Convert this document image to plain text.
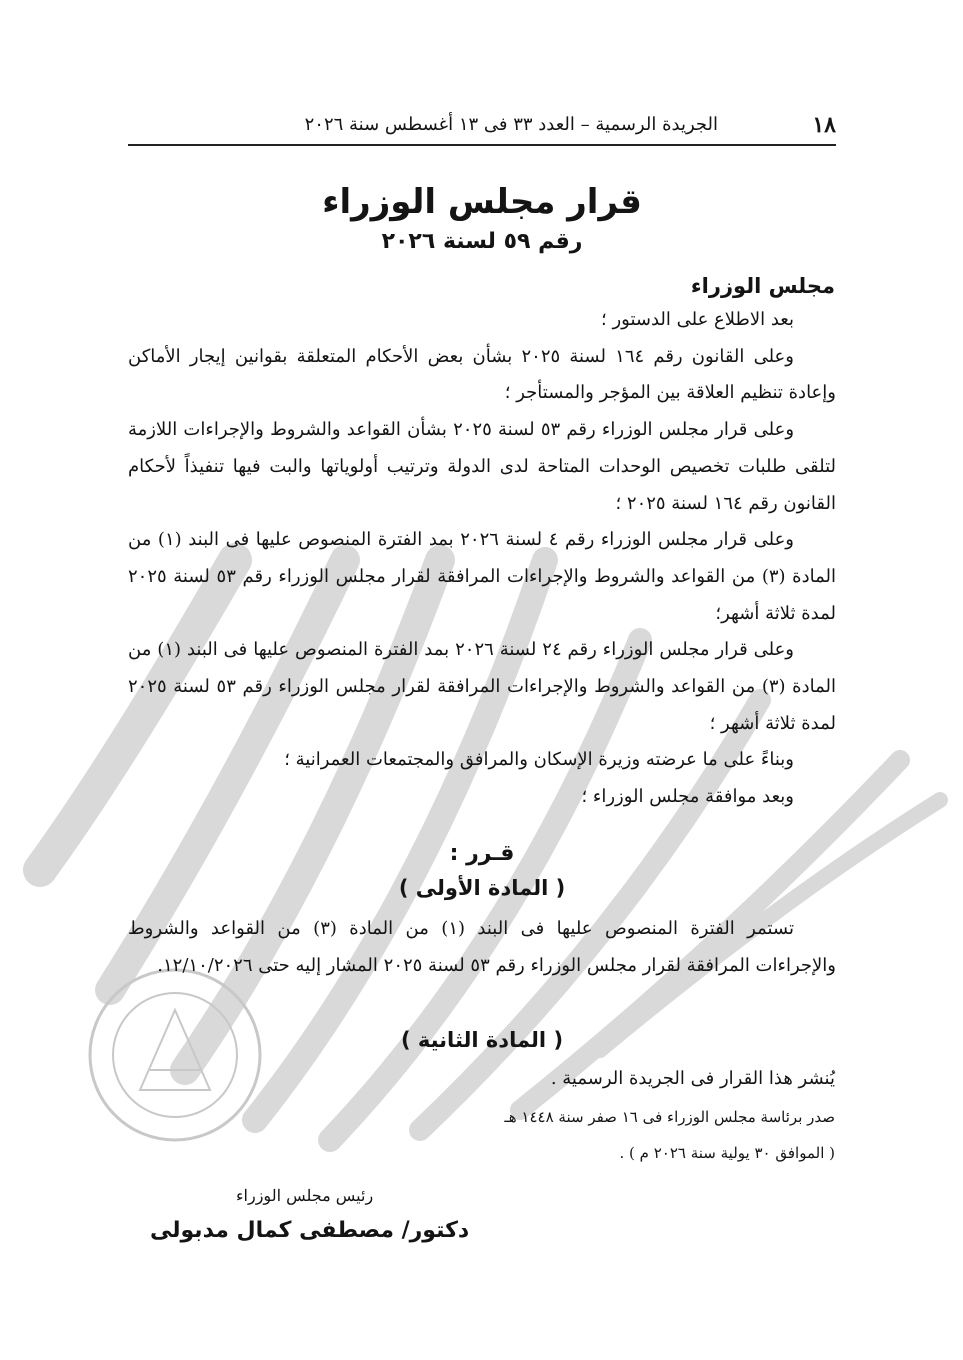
١٨
الجريدة الرسمية – العدد ٣٣ فى ١٣ أغسطس سنة ٢٠٢٦
قرار مجلس الوزراء
رقم ٥٩ لسنة ٢٠٢٦
مجلس الوزراء

بعد الاطلاع على الدستور ؛

وعلى القانون رقم ١٦٤ لسنة ٢٠٢٥ بشأن بعض الأحكام المتعلقة بقوانين إيجار الأماكن وإعادة تنظيم العلاقة بين المؤجر والمستأجر ؛

وعلى قرار مجلس الوزراء رقم ٥٣ لسنة ٢٠٢٥ بشأن القواعد والشروط والإجراءات اللازمة لتلقى طلبات تخصيص الوحدات المتاحة لدى الدولة وترتيب أولوياتها والبت فيها تنفيذاً لأحكام القانون رقم ١٦٤ لسنة ٢٠٢٥ ؛

وعلى قرار مجلس الوزراء رقم ٤ لسنة ٢٠٢٦ بمد الفترة المنصوص عليها فى البند (١) من المادة (٣) من القواعد والشروط والإجراءات المرافقة لقرار مجلس الوزراء رقم ٥٣ لسنة ٢٠٢٥ لمدة ثلاثة أشهر؛

وعلى قرار مجلس الوزراء رقم ٢٤ لسنة ٢٠٢٦ بمد الفترة المنصوص عليها فى البند (١) من المادة (٣) من القواعد والشروط والإجراءات المرافقة لقرار مجلس الوزراء رقم ٥٣ لسنة ٢٠٢٥ لمدة ثلاثة أشهر ؛

وبناءً على ما عرضته وزيرة الإسكان والمرافق والمجتمعات العمرانية ؛

وبعد موافقة مجلس الوزراء ؛

قـرر :
( المادة الأولى )

تستمر الفترة المنصوص عليها فى البند (١) من المادة (٣) من القواعد والشروط والإجراءات المرافقة لقرار مجلس الوزراء رقم ٥٣ لسنة ٢٠٢٥ المشار إليه حتى ١٢/١٠/٢٠٢٦.

( المادة الثانية )

يُنشر هذا القرار فى الجريدة الرسمية .

صدر برئاسة مجلس الوزراء فى ١٦ صفر سنة ١٤٤٨ هـ

( الموافق ٣٠ يولية سنة ٢٠٢٦ م ) .

رئيس مجلس الوزراء
دكتور/ مصطفى كمال مدبولى
